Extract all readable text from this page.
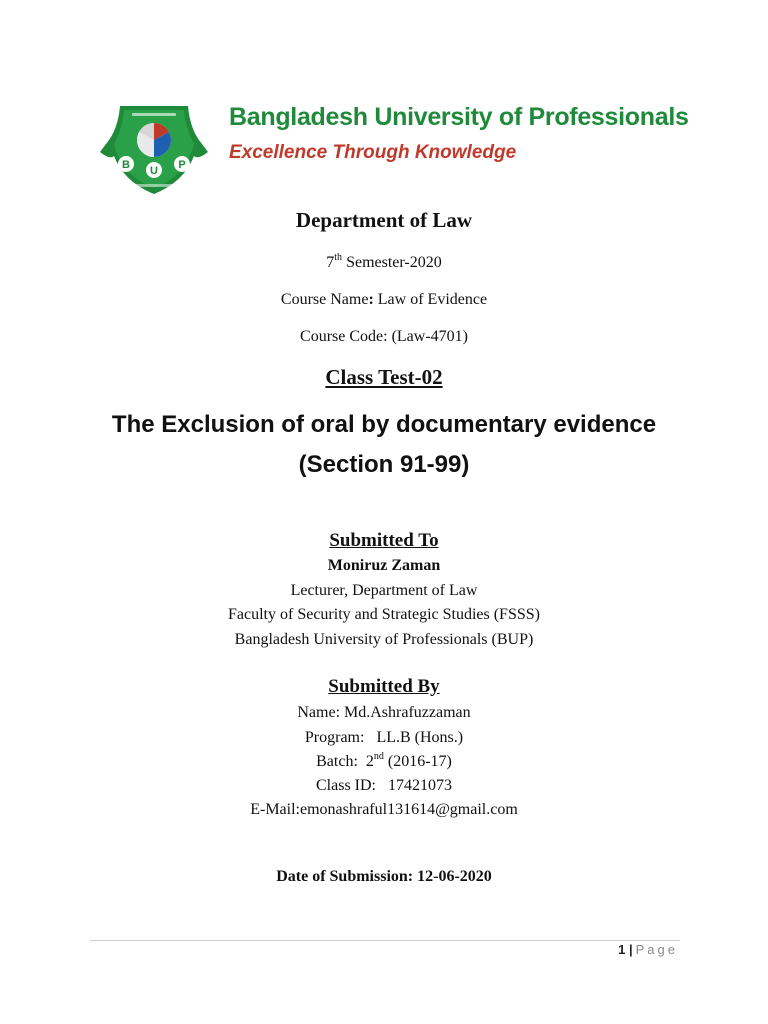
B U P
Bangladesh University of Professionals
Excellence Through Knowledge
Department of Law
7th Semester-2020
Course Name: Law of Evidence
Course Code: (Law-4701)
Class Test-02
The Exclusion of oral by documentary evidence
(Section 91-99)
Submitted To
Moniruz Zaman
Lecturer, Department of Law
Faculty of Security and Strategic Studies (FSSS)
Bangladesh University of Professionals (BUP)
Submitted By
Name: Md.Ashrafuzzaman
Program:   LL.B (Hons.)
Batch:  2nd (2016-17)
Class ID:   17421073
E-Mail:emonashraful131614@gmail.com
Date of Submission: 12-06-2020
1 | Page
